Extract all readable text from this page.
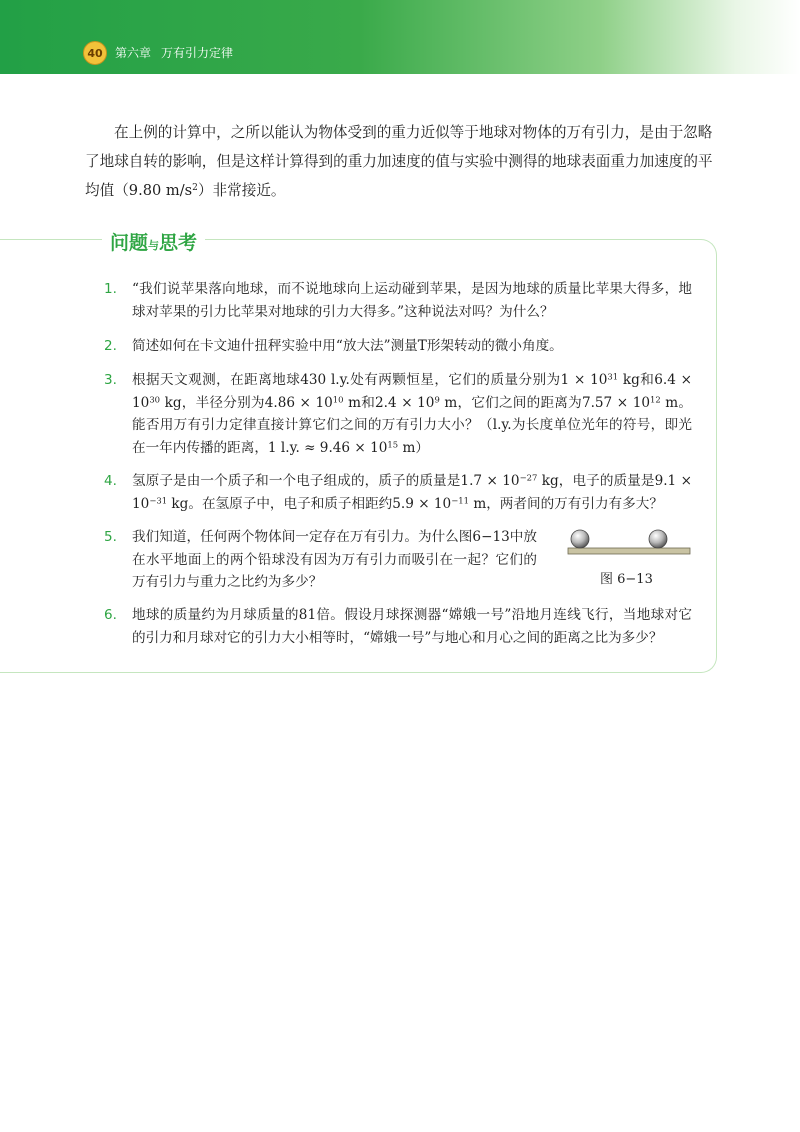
40	第六章 万有引力定律

在上例的计算中，之所以能认为物体受到的重力近似等于地球对物体的万有引力，是由于忽略了地球自转的影响，但是这样计算得到的重力加速度的值与实验中测得的地球表面重力加速度的平均值（9.80 $m/s^2$）非常接近。

问题与思考
1. “我们说苹果落向地球，而不说地球向上运动碰到苹果，是因为地球的质量比苹果大得多，地球对苹果的引力比苹果对地球的引力大得多。”这种说法对吗？为什么？
2. 简述如何在卡文迪什扭秤实验中用“放大法”测量T形架转动的微小角度。
3. 根据天文观测，在距离地球430 l.y.处有两颗恒星，它们的质量分别为$1 \times 10^{31}$ kg和$6.4 \times 10^{30}$ kg，半径分别为$4.86 \times 10^{10}$ m和$2.4 \times 10^9$ m，它们之间的距离为$7.57 \times 10^{12}$ m。能否用万有引力定律直接计算它们之间的万有引力大小？（l.y.为长度单位光年的符号，即光在一年内传播的距离，1 l.y. ≈ $9.46 \times 10^{15}$ m）
4. 氢原子是由一个质子和一个电子组成的，质子的质量是$1.7 \times 10^{-27}$ kg，电子的质量是$9.1 \times 10^{-31}$ kg。在氢原子中，电子和质子相距约$5.9 \times 10^{-11}$ m，两者间的万有引力有多大？
5. 我们知道，任何两个物体间一定存在万有引力。为什么图6−13中放在水平地面上的两个铅球没有因为万有引力而吸引在一起？它们的万有引力与重力之比约为多少？	图 6−13
6. 地球的质量约为月球质量的81倍。假设月球探测器“嫦娥一号”沿地月连线飞行，当地球对它的引力和月球对它的引力大小相等时，“嫦娥一号”与地心和月心之间的距离之比为多少？
